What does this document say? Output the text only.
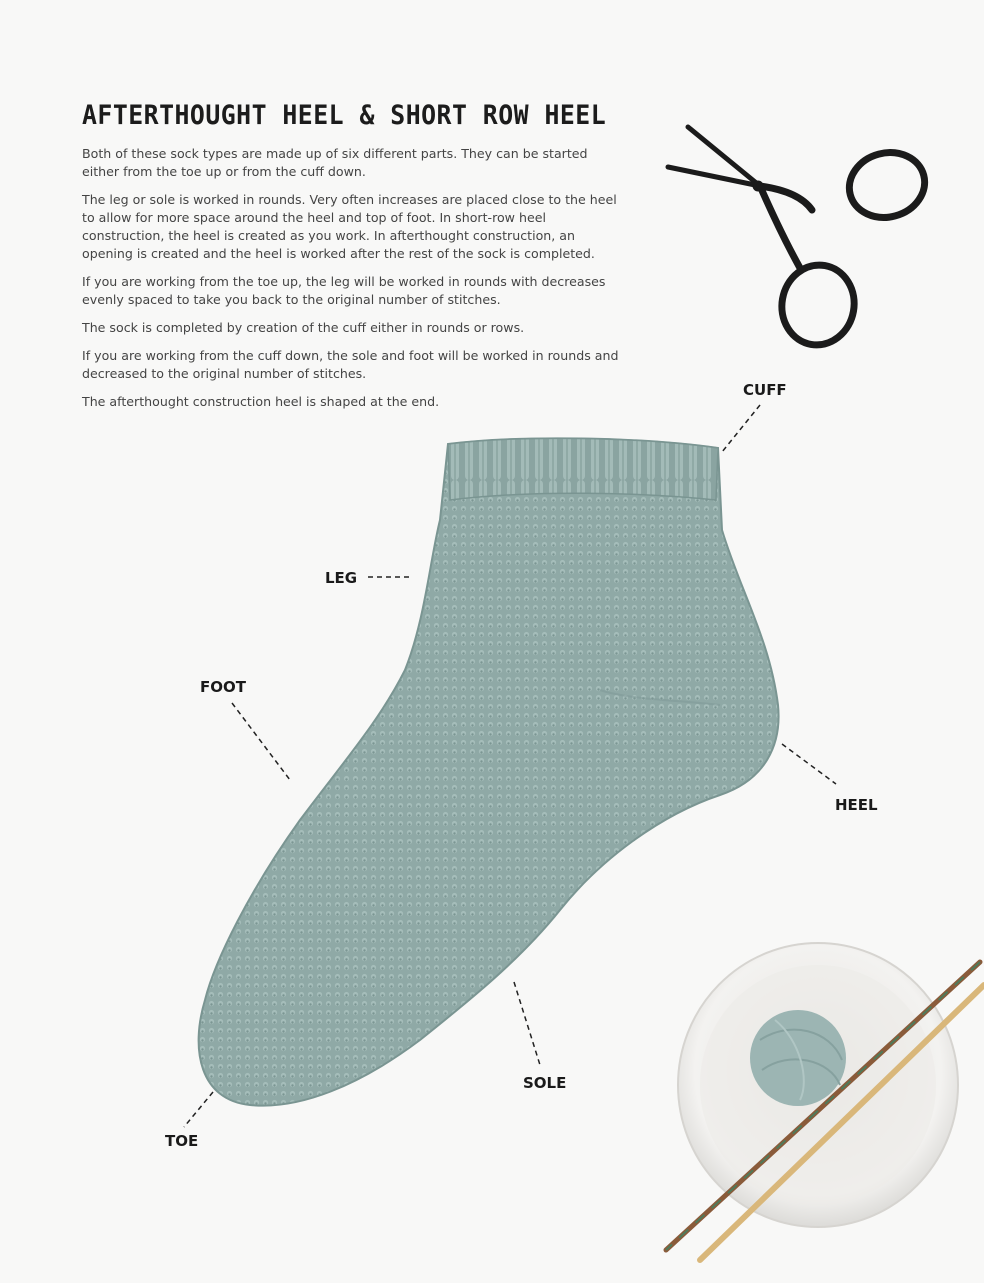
AFTERTHOUGHT HEEL & SHORT ROW HEEL

Both of these sock types are made up of six different parts. They can be started either from the toe up or from the cuff down.

The leg or sole is worked in rounds. Very often increases are placed close to the heel to allow for more space around the heel and top of foot. In short-row heel construction, the heel is created as you work. In afterthought construction, an opening is created and the heel is worked after the rest of the sock is completed.

If you are working from the toe up, the leg will be worked in rounds with decreases evenly spaced to take you back to the original number of stitches.

The sock is completed by creation of the cuff either in rounds or rows.

If you are working from the cuff down, the sole and foot will be worked in rounds and decreased to the original number of stitches.

The afterthought construction heel is shaped at the end.

CUFF
LEG
FOOT
HEEL
SOLE
TOE
